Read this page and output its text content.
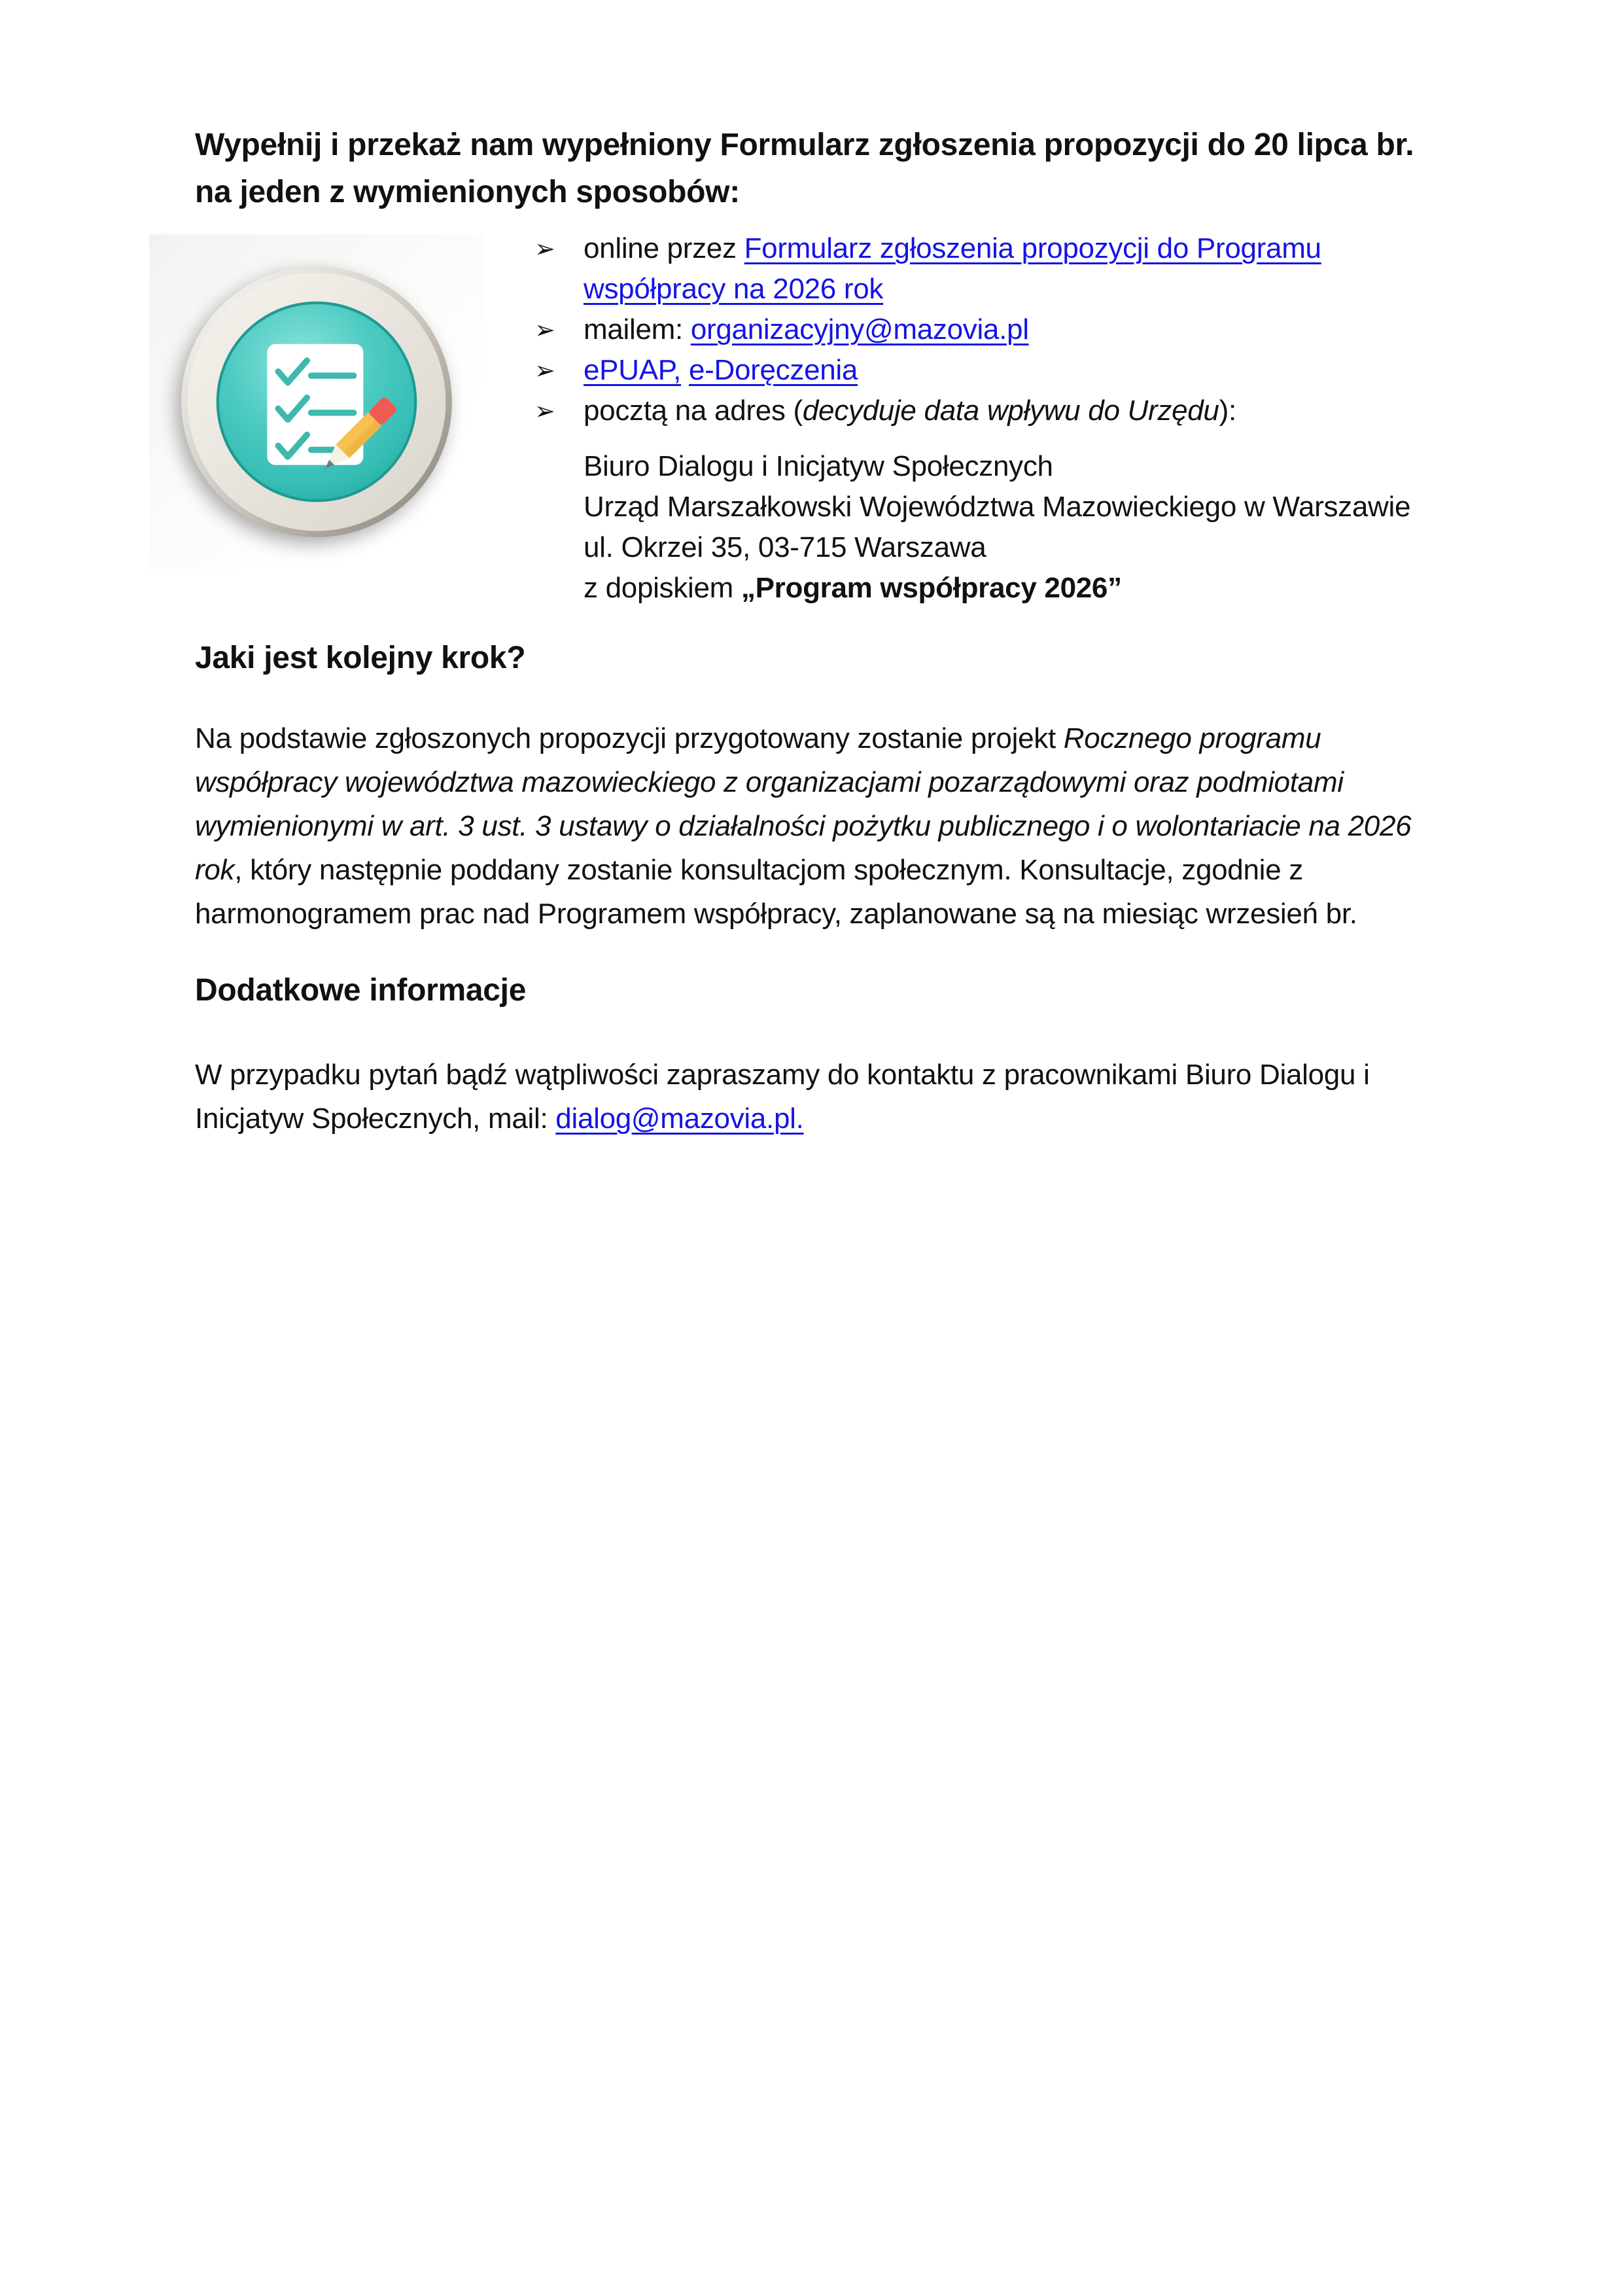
Wypełnij i przekaż nam wypełniony Formularz zgłoszenia propozycji do 20 lipca br.
na jeden z wymienionych sposobów:
➢ online przez Formularz zgłoszenia propozycji do Programu
współpracy na 2026 rok
➢ mailem: organizacyjny@mazovia.pl
➢ ePUAP, e-Doręczenia
➢ pocztą na adres (decyduje data wpływu do Urzędu):
Biuro Dialogu i Inicjatyw Społecznych
Urząd Marszałkowski Województwa Mazowieckiego w Warszawie
ul. Okrzei 35, 03-715 Warszawa
z dopiskiem „Program współpracy 2026”
Jaki jest kolejny krok?

Na podstawie zgłoszonych propozycji przygotowany zostanie projekt Rocznego programu współpracy województwa mazowieckiego z organizacjami pozarządowymi oraz podmiotami wymienionymi w art. 3 ust. 3 ustawy o działalności pożytku publicznego i o wolontariacie na 2026 rok, który następnie poddany zostanie konsultacjom społecznym. Konsultacje, zgodnie z harmonogramem prac nad Programem współpracy, zaplanowane są na miesiąc wrzesień br.

Dodatkowe informacje

W przypadku pytań bądź wątpliwości zapraszamy do kontaktu z pracownikami Biuro Dialogu i Inicjatyw Społecznych, mail: dialog@mazovia.pl.
